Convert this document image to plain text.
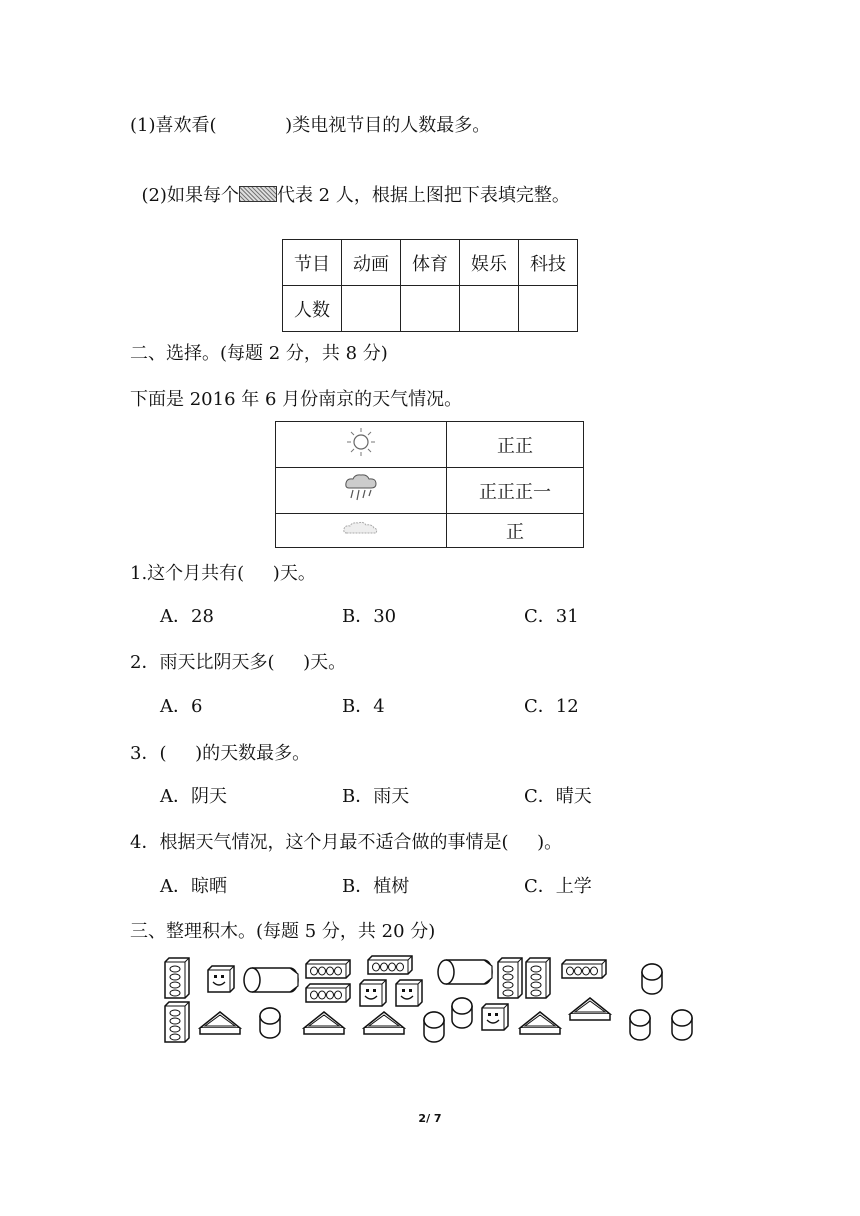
(1)喜欢看(            )类电视节目的人数最多。

(2)如果每个 代表 2 人，根据上图把下表填完整。

节目	动画	体育	娱乐	科技
人数				
二、选择。(每题 2 分，共 8 分)
下面是 2016 年 6 月份南京的天气情况。
	正正
	正正正一
	正
1.这个月共有(     )天。
A．28	B．30	C．31
2．雨天比阴天多(     )天。
A．6	B．4	C．12
3．(     )的天数最多。
A．阴天	B．雨天	C．晴天
4．根据天气情况，这个月最不适合做的事情是(     )。
A．晾晒	B．植树	C．上学
三、整理积木。(每题 5 分，共 20 分)
2/ 7
